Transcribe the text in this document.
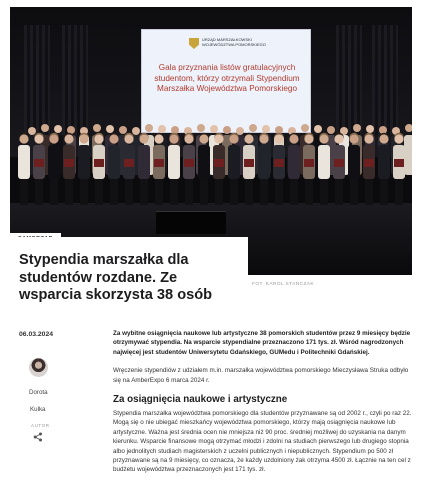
URZĄD MARSZAŁKOWSKI WOJEWÓDZTWA POMORSKIEGO
Gala przyznania listów gratulacyjnych studentom, którzy otrzymali Stypendium Marszałka Województwa Pomorskiego
Stypendia marszałka dla studentów rozdane. Ze wsparcia skorzysta 38 osób
FOT. KAROL STAŃCZAK
06.03.2024
Dorota
Kulka
AUTOR

Za wybitne osiągnięcia naukowe lub artystyczne 38 pomorskich studentów przez 9 miesięcy będzie otrzymywać stypendia. Na wsparcie stypendialne przeznaczono 171 tys. zł. Wśród nagrodzonych najwięcej jest studentów Uniwersytetu Gdańskiego, GUMedu i Politechniki Gdańskiej.

Wręczenie stypendiów z udziałem m.in. marszałka województwa pomorskiego Mieczysława Struka odbyło się na AmberExpo 6 marca 2024 r.

Za osiągnięcia naukowe i artystyczne

Stypendia marszałka województwa pomorskiego dla studentów przyznawane są od 2002 r., czyli po raz 22. Mogą się o nie ubiegać mieszkańcy województwa pomorskiego, którzy mają osiągnięcia naukowe lub artystyczne. Ważna jest średnia ocen nie mniejsza niż 90 proc. średniej możliwej do uzyskania na danym kierunku. Wsparcie finansowe mogą otrzymać młodzi i zdolni na studiach pierwszego lub drugiego stopnia albo jednolitych studiach magisterskich z uczelni publicznych i niepublicznych. Stypendium po 500 zł przyznawane są na 9 miesięcy, co oznacza, że każdy uzdolniony żak otrzyma 4500 zł. Łącznie na ten cel z budżetu województwa przeznaczonych jest 171 tys. zł.
